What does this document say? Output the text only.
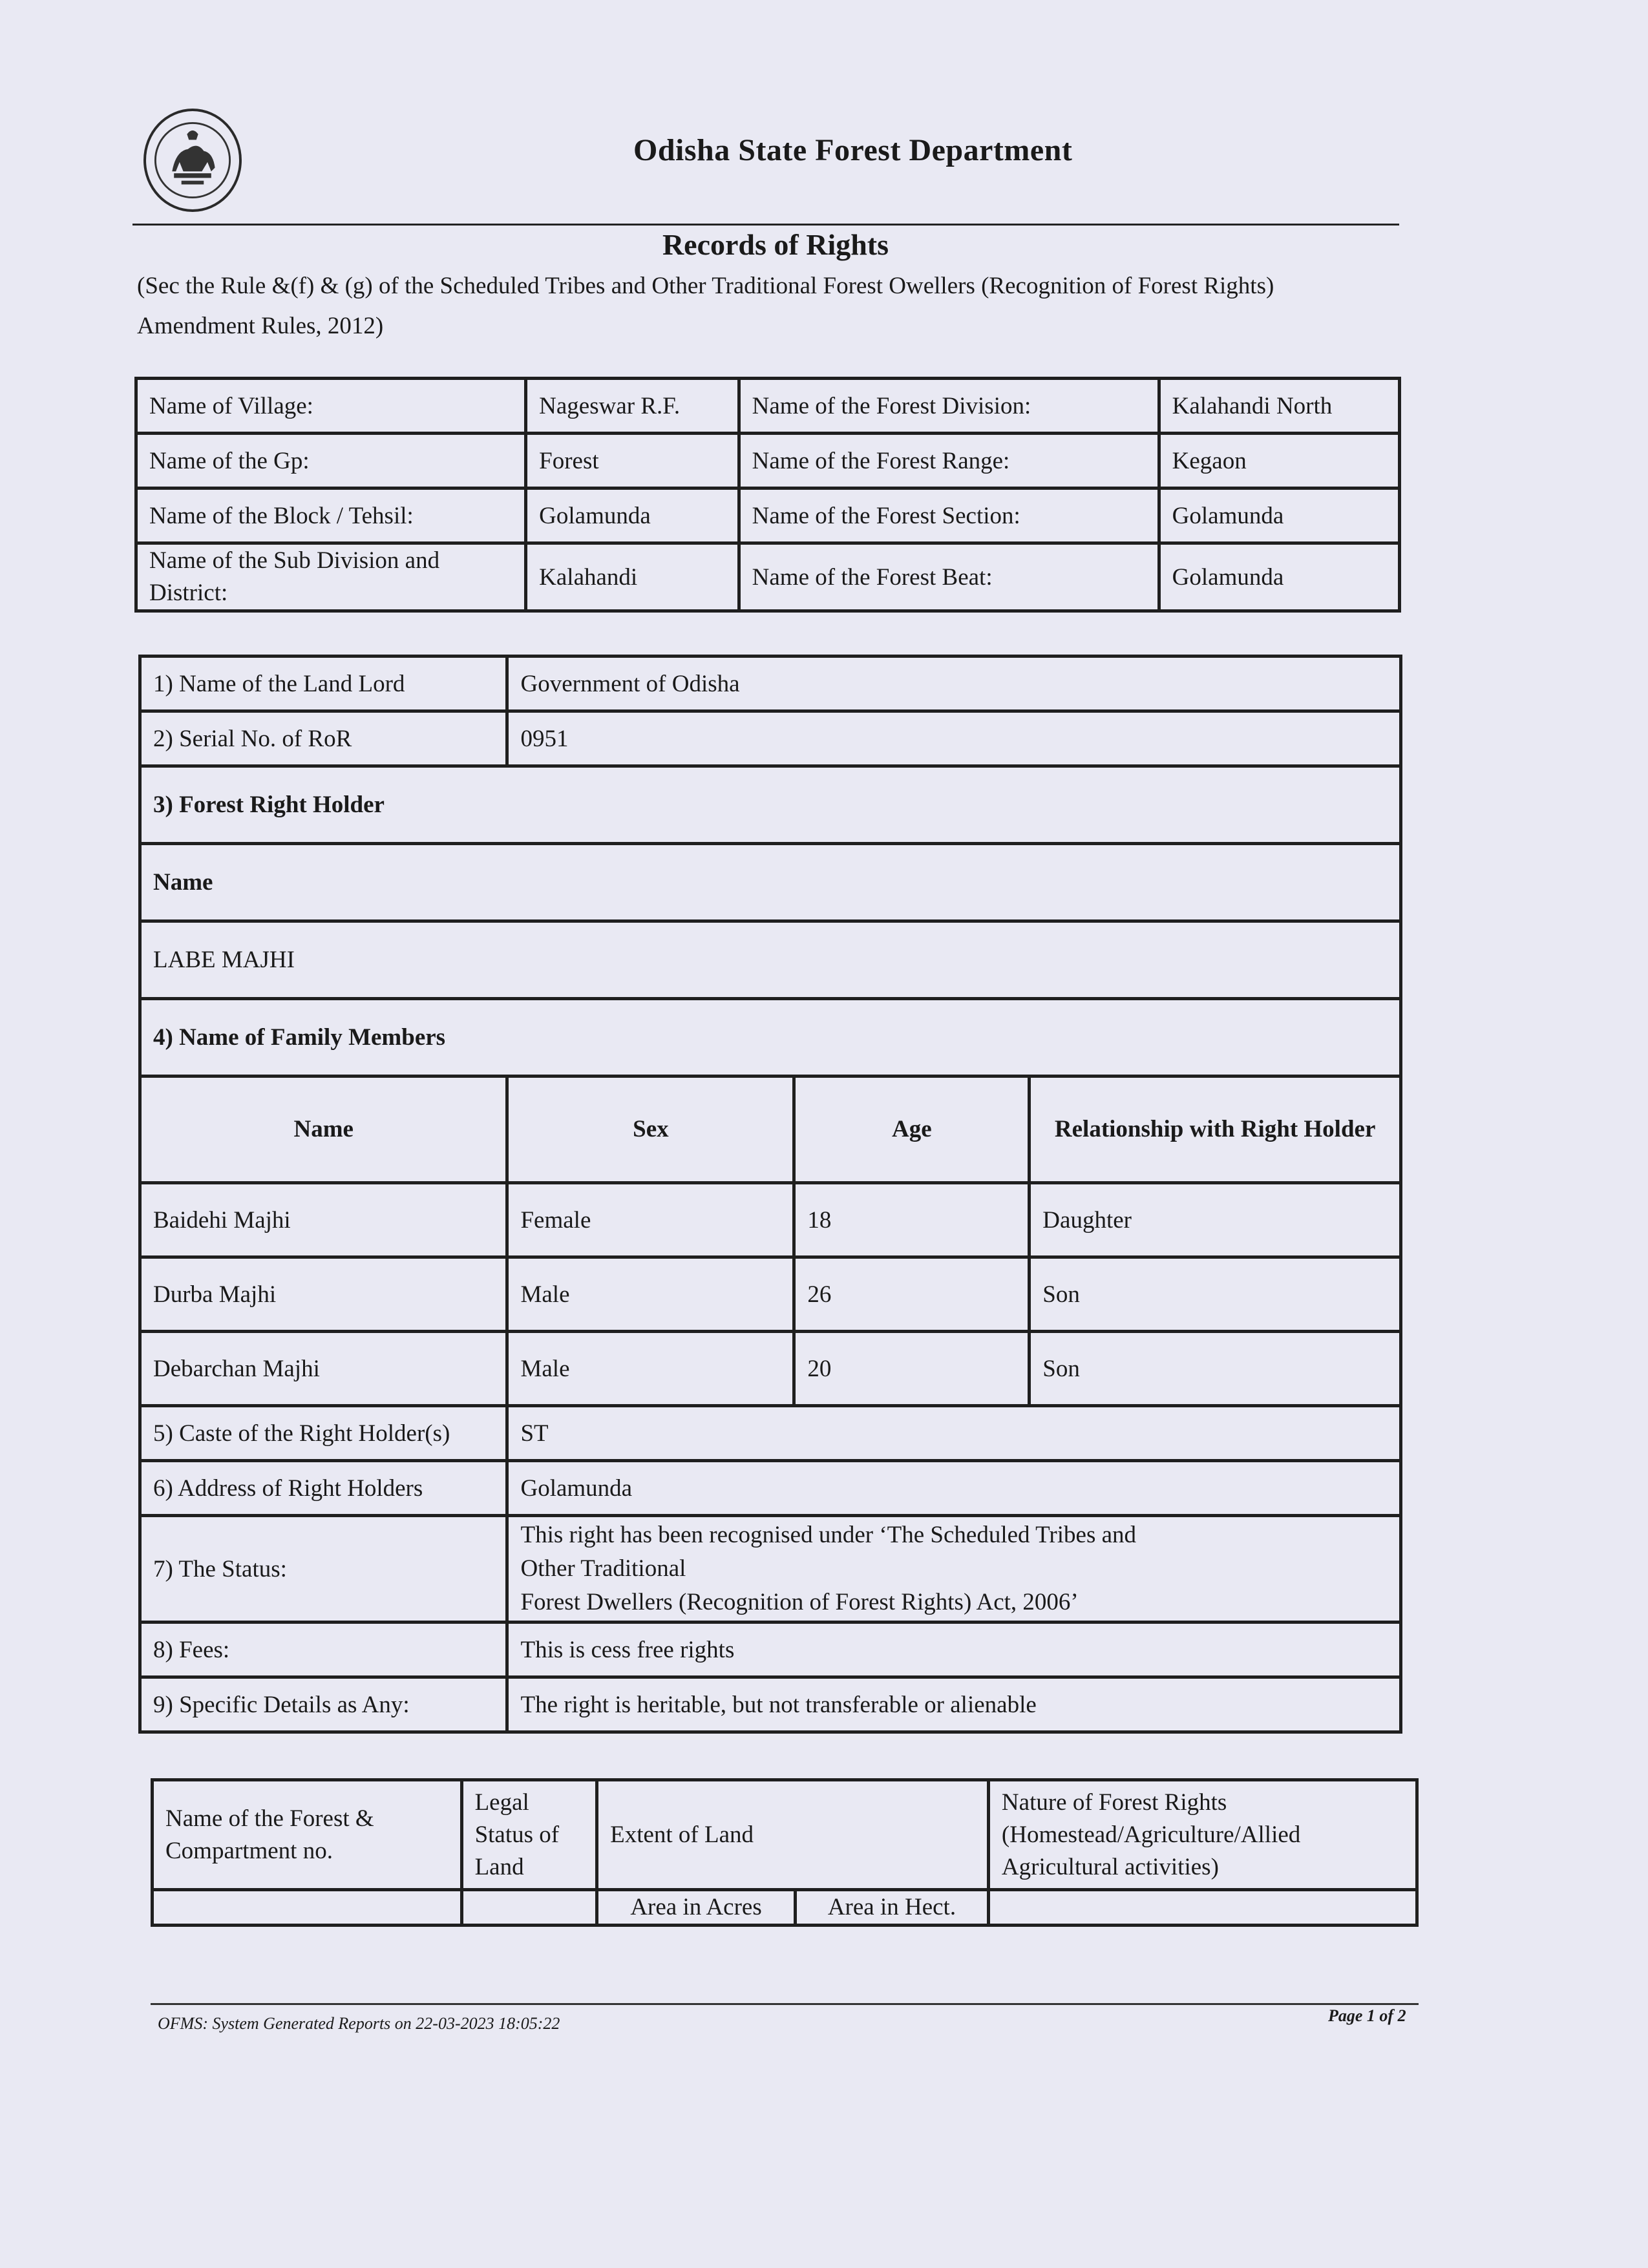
Odisha State Forest Department
Records of Rights
(Sec the Rule &(f) & (g) of the Scheduled Tribes and Other Traditional Forest Owellers (Recognition of Forest Rights) Amendment Rules, 2012)
Name of Village:	Nageswar R.F.	Name of the Forest Division:	Kalahandi North
Name of the Gp:	Forest	Name of the Forest Range:	Kegaon
Name of the Block / Tehsil:	Golamunda	Name of the Forest Section:	Golamunda
Name of the Sub Division and District:	Kalahandi	Name of the Forest Beat:	Golamunda
1) Name of the Land Lord	Government of Odisha		
2) Serial No. of RoR	0951		
3) Forest Right Holder			
Name			
LABE MAJHI			
4) Name of Family Members			
Name	Sex	Age	Relationship with Right Holder
Baidehi Majhi	Female	18	Daughter
Durba Majhi	Male	26	Son
Debarchan Majhi	Male	20	Son
5) Caste of the Right Holder(s)	ST		
6) Address of Right Holders	Golamunda		
7) The Status:	This right has been recognised under ‘The Scheduled Tribes and Other Traditional
Forest Dwellers (Recognition of Forest Rights) Act, 2006’		

8) Fees:	This is cess free rights		
9) Specific Details as Any:	The right is heritable, but not transferable or alienable		
Name of the Forest & Compartment no.	Legal Status of Land	Extent of Land		Nature of Forest Rights (Homestead/Agriculture/Allied Agricultural activities)
		Area in Acres	Area in Hect.	
OFMS: System Generated Reports on 22-03-2023 18:05:22	Page 1 of 2
